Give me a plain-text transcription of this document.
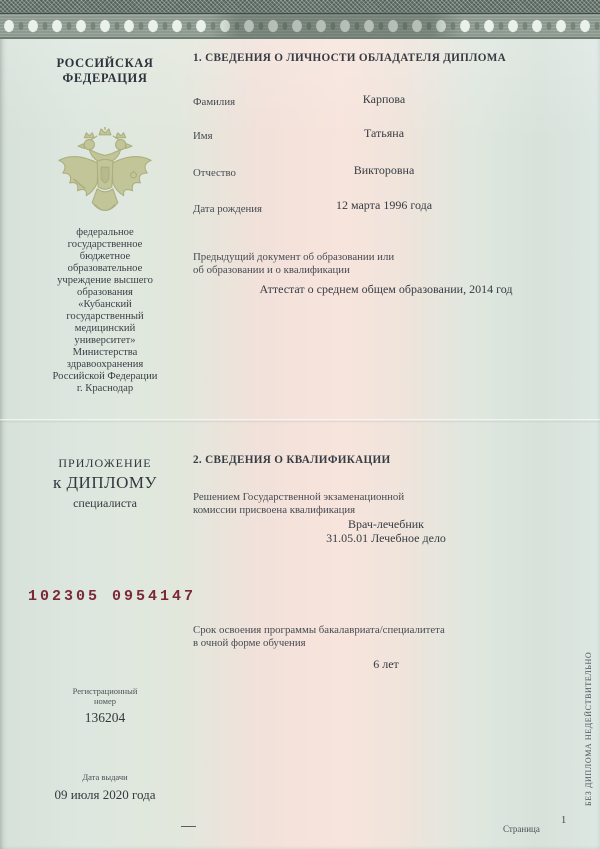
РОССИЙСКАЯ
ФЕДЕРАЦИЯ
федеральное
государственное
бюджетное
образовательное
учреждение высшего
образования
«Кубанский
государственный
медицинский
университет»
Министерства
здравоохранения
Российской Федерации
г. Краснодар
ПРИЛОЖЕНИЕ
к ДИПЛОМУ
специалиста
102305 0954147
Регистрационный
номер
136204
Дата выдачи
09 июля 2020 года
1. СВЕДЕНИЯ О ЛИЧНОСТИ ОБЛАДАТЕЛЯ ДИПЛОМА
Фамилия	Карпова
Имя	Татьяна
Отчество	Викторовна
Дата рождения	12 марта 1996 года
Предыдущий документ об образовании или
об образовании и о квалификации
Аттестат о среднем общем образовании, 2014 год
2. СВЕДЕНИЯ О КВАЛИФИКАЦИИ
Решением Государственной экзаменационной
комиссии присвоена квалификация
Врач-лечебник
31.05.01 Лечебное дело
Срок освоения программы бакалавриата/специалитета
в очной форме обучения
6 лет
Страница
1
БЕЗ ДИПЛОМА НЕДЕЙСТВИТЕЛЬНО
